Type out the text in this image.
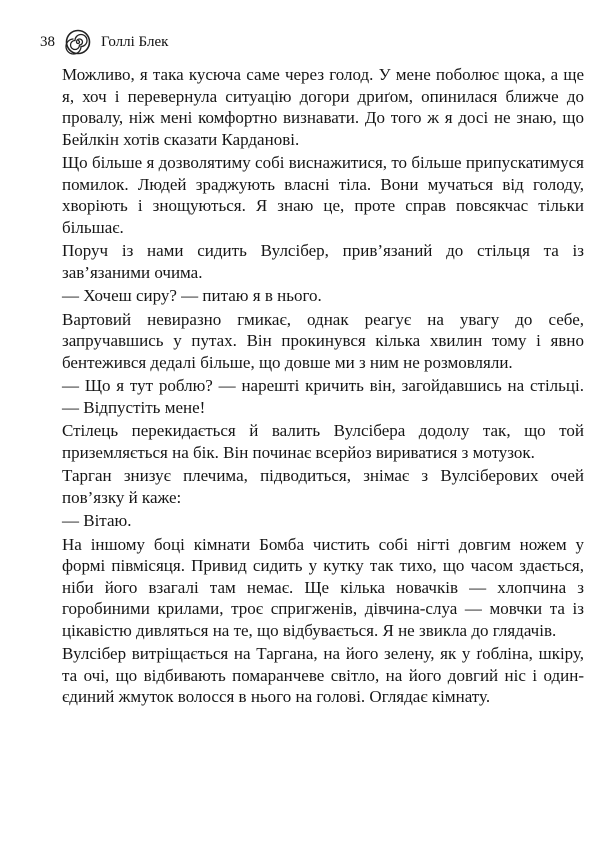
38	Голлі Блек

Можливо, я така кусюча саме через голод. У мене поболює щока, а ще я, хоч і перевернула ситуацію догори дриґом, опинилася ближче до провалу, ніж мені комфортно визнавати. До того ж я досі не знаю, що Бейлкін хотів сказати Карданові.

Що більше я дозволятиму собі виснажитися, то більше припускатимуся помилок. Людей зраджують власні тіла. Вони мучаться від голоду, хворіють і знощуються. Я знаю це, проте справ повсякчас тільки більшає.

Поруч із нами сидить Вулсібер, прив’язаний до стільця та із зав’язаними очима.

— Хочеш сиру? — питаю я в нього.

Вартовий невиразно гмикає, однак реагує на увагу до себе, запручавшись у путах. Він прокинувся кілька хвилин тому і явно бентежився дедалі більше, що довше ми з ним не розмовляли.

— Що я тут роблю? — нарешті кричить він, загойдавшись на стільці. — Відпустіть мене!

Стілець перекидається й валить Вулсібера додолу так, що той приземляється на бік. Він починає всерйоз вириватися з мотузок.

Тарган знизує плечима, підводиться, знімає з Вулсіберових очей пов’язку й каже:

— Вітаю.

На іншому боці кімнати Бомба чистить собі нігті довгим ножем у формі півмісяця. Привид сидить у кутку так тихо, що часом здається, ніби його взагалі там немає. Ще кілька новачків — хлопчина з горобиними крилами, троє спригженів, дівчина-слуа — мовчки та із цікавістю дивляться на те, що відбувається. Я не звикла до глядачів.

Вулсібер витріщається на Таргана, на його зелену, як у ґобліна, шкіру, та очі, що відбивають помаранчеве світло, на його довгий ніс і один-єдиний жмуток волосся в нього на голові. Оглядає кімнату.
